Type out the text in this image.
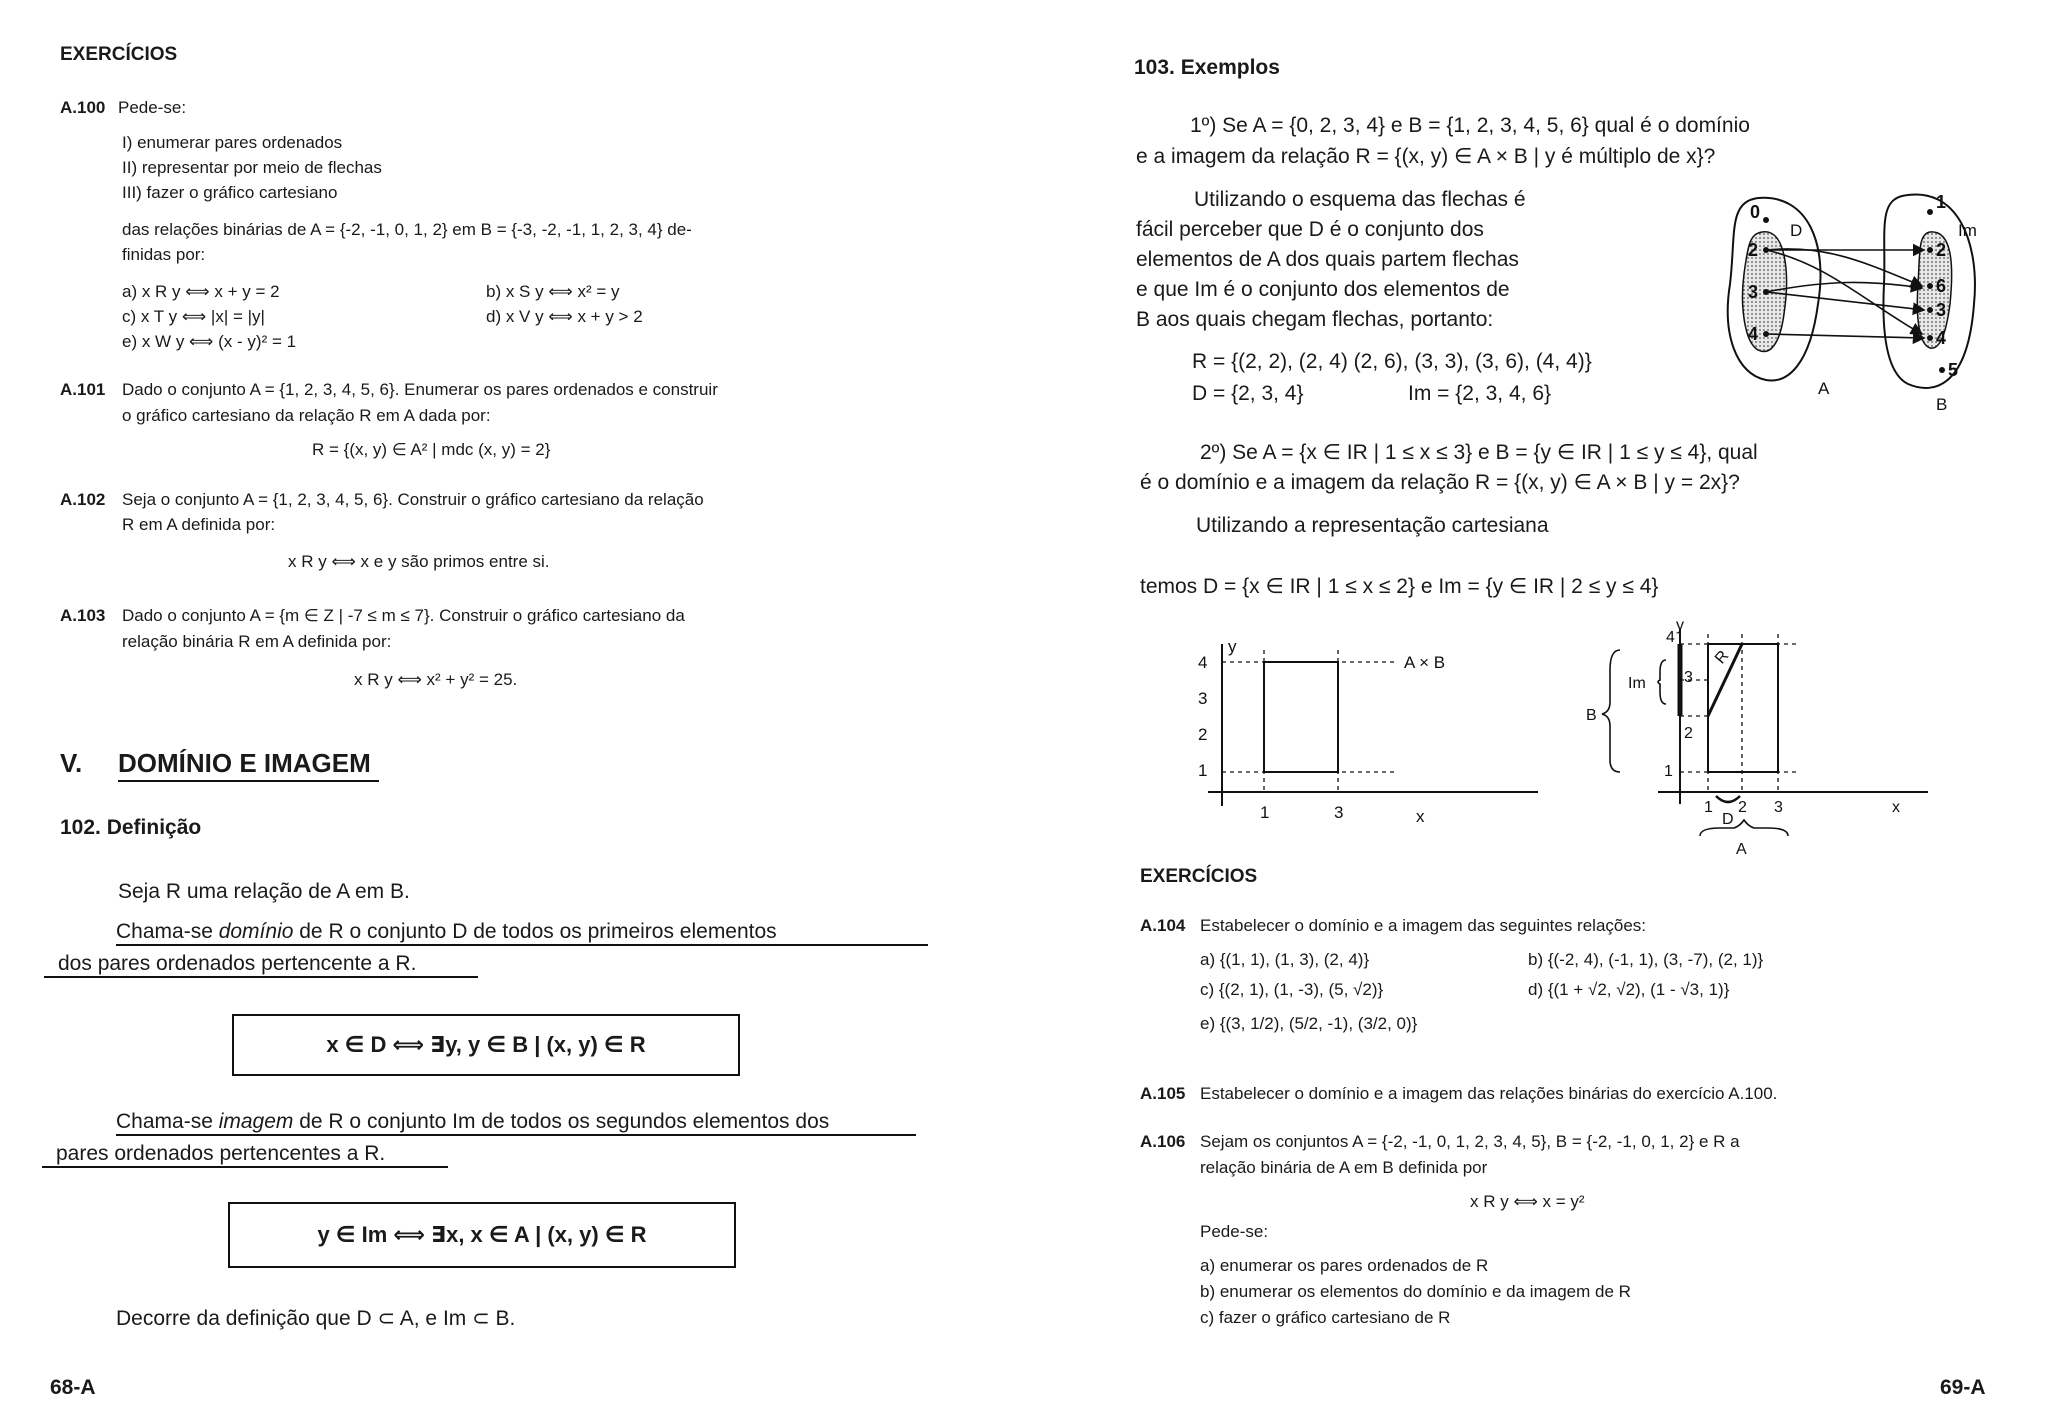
EXERCÍCIOS
A.100 Pede-se:
I) enumerar pares ordenados
II) representar por meio de flechas
III) fazer o gráfico cartesiano
das relações binárias de A = {-2, -1, 0, 1, 2} em B = {-3, -2, -1, 1, 2, 3, 4} de-
finidas por:
a) x R y ⟺ x + y = 2	b) x S y ⟺ x² = y
c) x T y ⟺ |x| = |y|	d) x V y ⟺ x + y > 2
e) x W y ⟺ (x - y)² = 1
A.101 Dado o conjunto A = {1, 2, 3, 4, 5, 6}. Enumerar os pares ordenados e construir
o gráfico cartesiano da relação R em A dada por:
R = {(x, y) ∈ A² | mdc (x, y) = 2}
A.102 Seja o conjunto A = {1, 2, 3, 4, 5, 6}. Construir o gráfico cartesiano da relação
R em A definida por:
x R y ⟺ x e y são primos entre si.
A.103 Dado o conjunto A = {m ∈ Z | -7 ≤ m ≤ 7}. Construir o gráfico cartesiano da
relação binária R em A definida por:
x R y ⟺ x² + y² = 25.
V. DOMÍNIO E IMAGEM
102. Definição
Seja R uma relação de A em B.
Chama-se domínio de R o conjunto D de todos os primeiros elementos
dos pares ordenados pertencente a R.
x ∈ D ⟺ ∃y, y ∈ B | (x, y) ∈ R
Chama-se imagem de R o conjunto Im de todos os segundos elementos dos
pares ordenados pertencentes a R.
y ∈ Im ⟺ ∃x, x ∈ A | (x, y) ∈ R
Decorre da definição que D ⊂ A, e Im ⊂ B.
68-A
103. Exemplos
1º) Se A = {0, 2, 3, 4} e B = {1, 2, 3, 4, 5, 6} qual é o domínio
e a imagem da relação R = {(x, y) ∈ A × B | y é múltiplo de x}?
Utilizando o esquema das flechas é
fácil perceber que D é o conjunto dos
elementos de A dos quais partem flechas
e que Im é o conjunto dos elementos de
B aos quais chegam flechas, portanto:
R = {(2, 2), (2, 4) (2, 6), (3, 3), (3, 6), (4, 4)}
D = {2, 3, 4}	Im = {2, 3, 4, 6}
0
2
3
4
1
2
3
4
5
6
D	Im
A
B
2º) Se A = {x ∈ IR | 1 ≤ x ≤ 3} e B = {y ∈ IR | 1 ≤ y ≤ 4}, qual
é o domínio e a imagem da relação R = {(x, y) ∈ A × B | y = 2x}?
Utilizando a representação cartesiana
temos D = {x ∈ IR | 1 ≤ x ≤ 2} e Im = {y ∈ IR | 2 ≤ y ≤ 4}
4
3
2
1
1	3
y
x
A × B
4
3
2
1
1 2 3
y
x
B
Im
D
A
R
EXERCÍCIOS
A.104 Estabelecer o domínio e a imagem das seguintes relações:
a) {(1, 1), (1, 3), (2, 4)}	b) {(-2, 4), (-1, 1), (3, -7), (2, 1)}
c) {(2, 1), (1, -3), (5, √2)}	d) {(1 + √2, √2), (1 - √3, 1)}
e) {(3, 1/2), (5/2, -1), (3/2, 0)}
A.105 Estabelecer o domínio e a imagem das relações binárias do exercício A.100.
A.106 Sejam os conjuntos A = {-2, -1, 0, 1, 2, 3, 4, 5}, B = {-2, -1, 0, 1, 2} e R a
relação binária de A em B definida por
x R y ⟺ x = y²
Pede-se:
a) enumerar os pares ordenados de R
b) enumerar os elementos do domínio e da imagem de R
c) fazer o gráfico cartesiano de R
69-A
